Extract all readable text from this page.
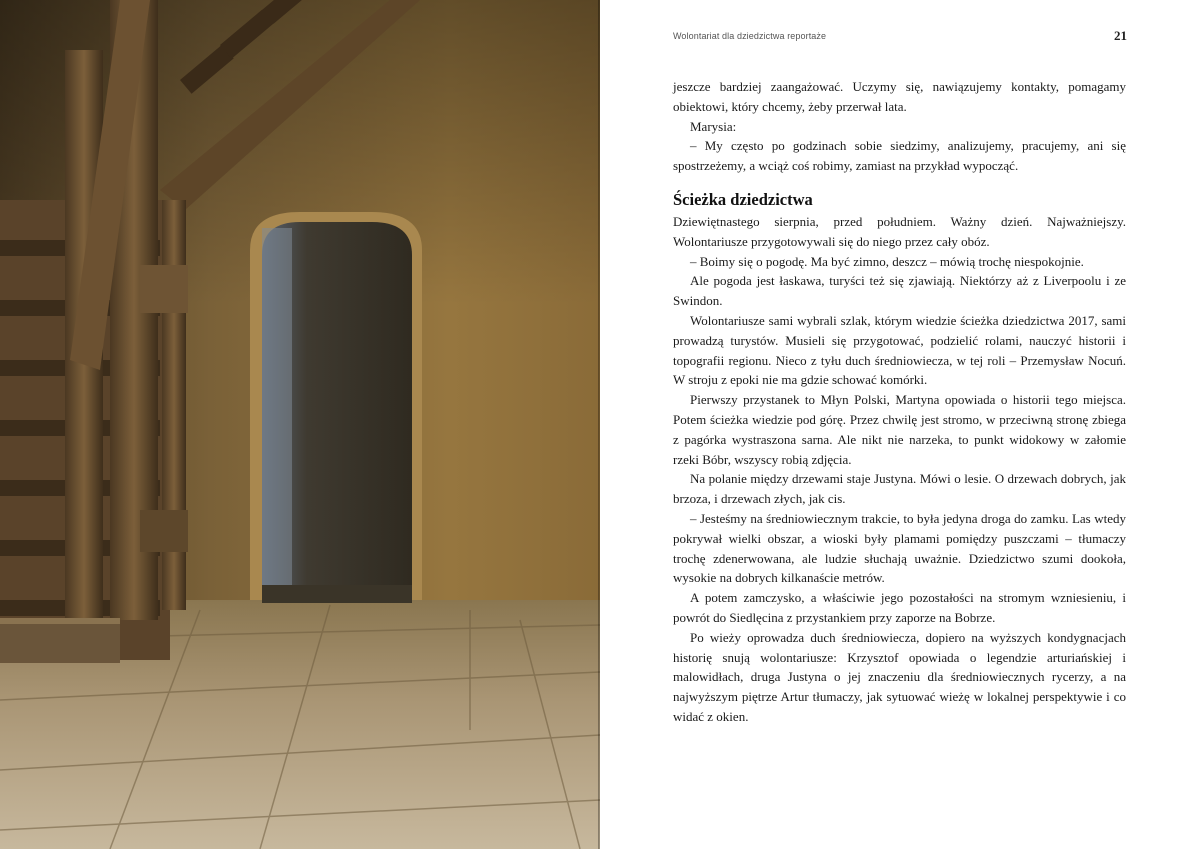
Wolontariat dla dziedzictwa reportaże	21

jeszcze bardziej zaangażować. Uczymy się, nawiązujemy kontakty, pomagamy obiektowi, który chcemy, żeby przerwał lata.

Marysia:

– My często po godzinach sobie siedzimy, analizujemy, pracujemy, ani się spostrzeżemy, a wciąż coś robimy, zamiast na przykład wypocząć.

Ścieżka dziedzictwa

Dziewiętnastego sierpnia, przed południem. Ważny dzień. Najważniejszy. Wolontariusze przygotowywali się do niego przez cały obóz.

– Boimy się o pogodę. Ma być zimno, deszcz – mówią trochę niespokojnie.

Ale pogoda jest łaskawa, turyści też się zjawiają. Niektórzy aż z Liverpoolu i ze Swindon.

Wolontariusze sami wybrali szlak, którym wiedzie ścieżka dziedzictwa 2017, sami prowadzą turystów. Musieli się przygotować, podzielić rolami, nauczyć historii i topografii regionu. Nieco z tyłu duch średniowiecza, w tej roli – Przemysław Nocuń. W stroju z epoki nie ma gdzie schować komórki.

Pierwszy przystanek to Młyn Polski, Martyna opowiada o historii tego miejsca. Potem ścieżka wiedzie pod górę. Przez chwilę jest stromo, w przeciwną stronę zbiega z pagórka wystraszona sarna. Ale nikt nie narzeka, to punkt widokowy w załomie rzeki Bóbr, wszyscy robią zdjęcia.

Na polanie między drzewami staje Justyna. Mówi o lesie. O drzewach dobrych, jak brzoza, i drzewach złych, jak cis.

– Jesteśmy na średniowiecznym trakcie, to była jedyna droga do zamku. Las wtedy pokrywał wielki obszar, a wioski były plamami pomiędzy puszczami – tłumaczy trochę zdenerwowana, ale ludzie słuchają uważnie. Dziedzictwo szumi dookoła, wysokie na dobrych kilkanaście metrów.

A potem zamczysko, a właściwie jego pozostałości na stromym wzniesieniu, i powrót do Siedlęcina z przystankiem przy zaporze na Bobrze.

Po wieży oprowadza duch średniowiecza, dopiero na wyższych kondygnacjach historię snują wolontariusze: Krzysztof opowiada o legendzie arturiańskiej i malowidłach, druga Justyna o jej znaczeniu dla średniowiecznych rycerzy, a na najwyższym piętrze Artur tłumaczy, jak sytuować wieżę w lokalnej perspektywie i co widać z okien.
